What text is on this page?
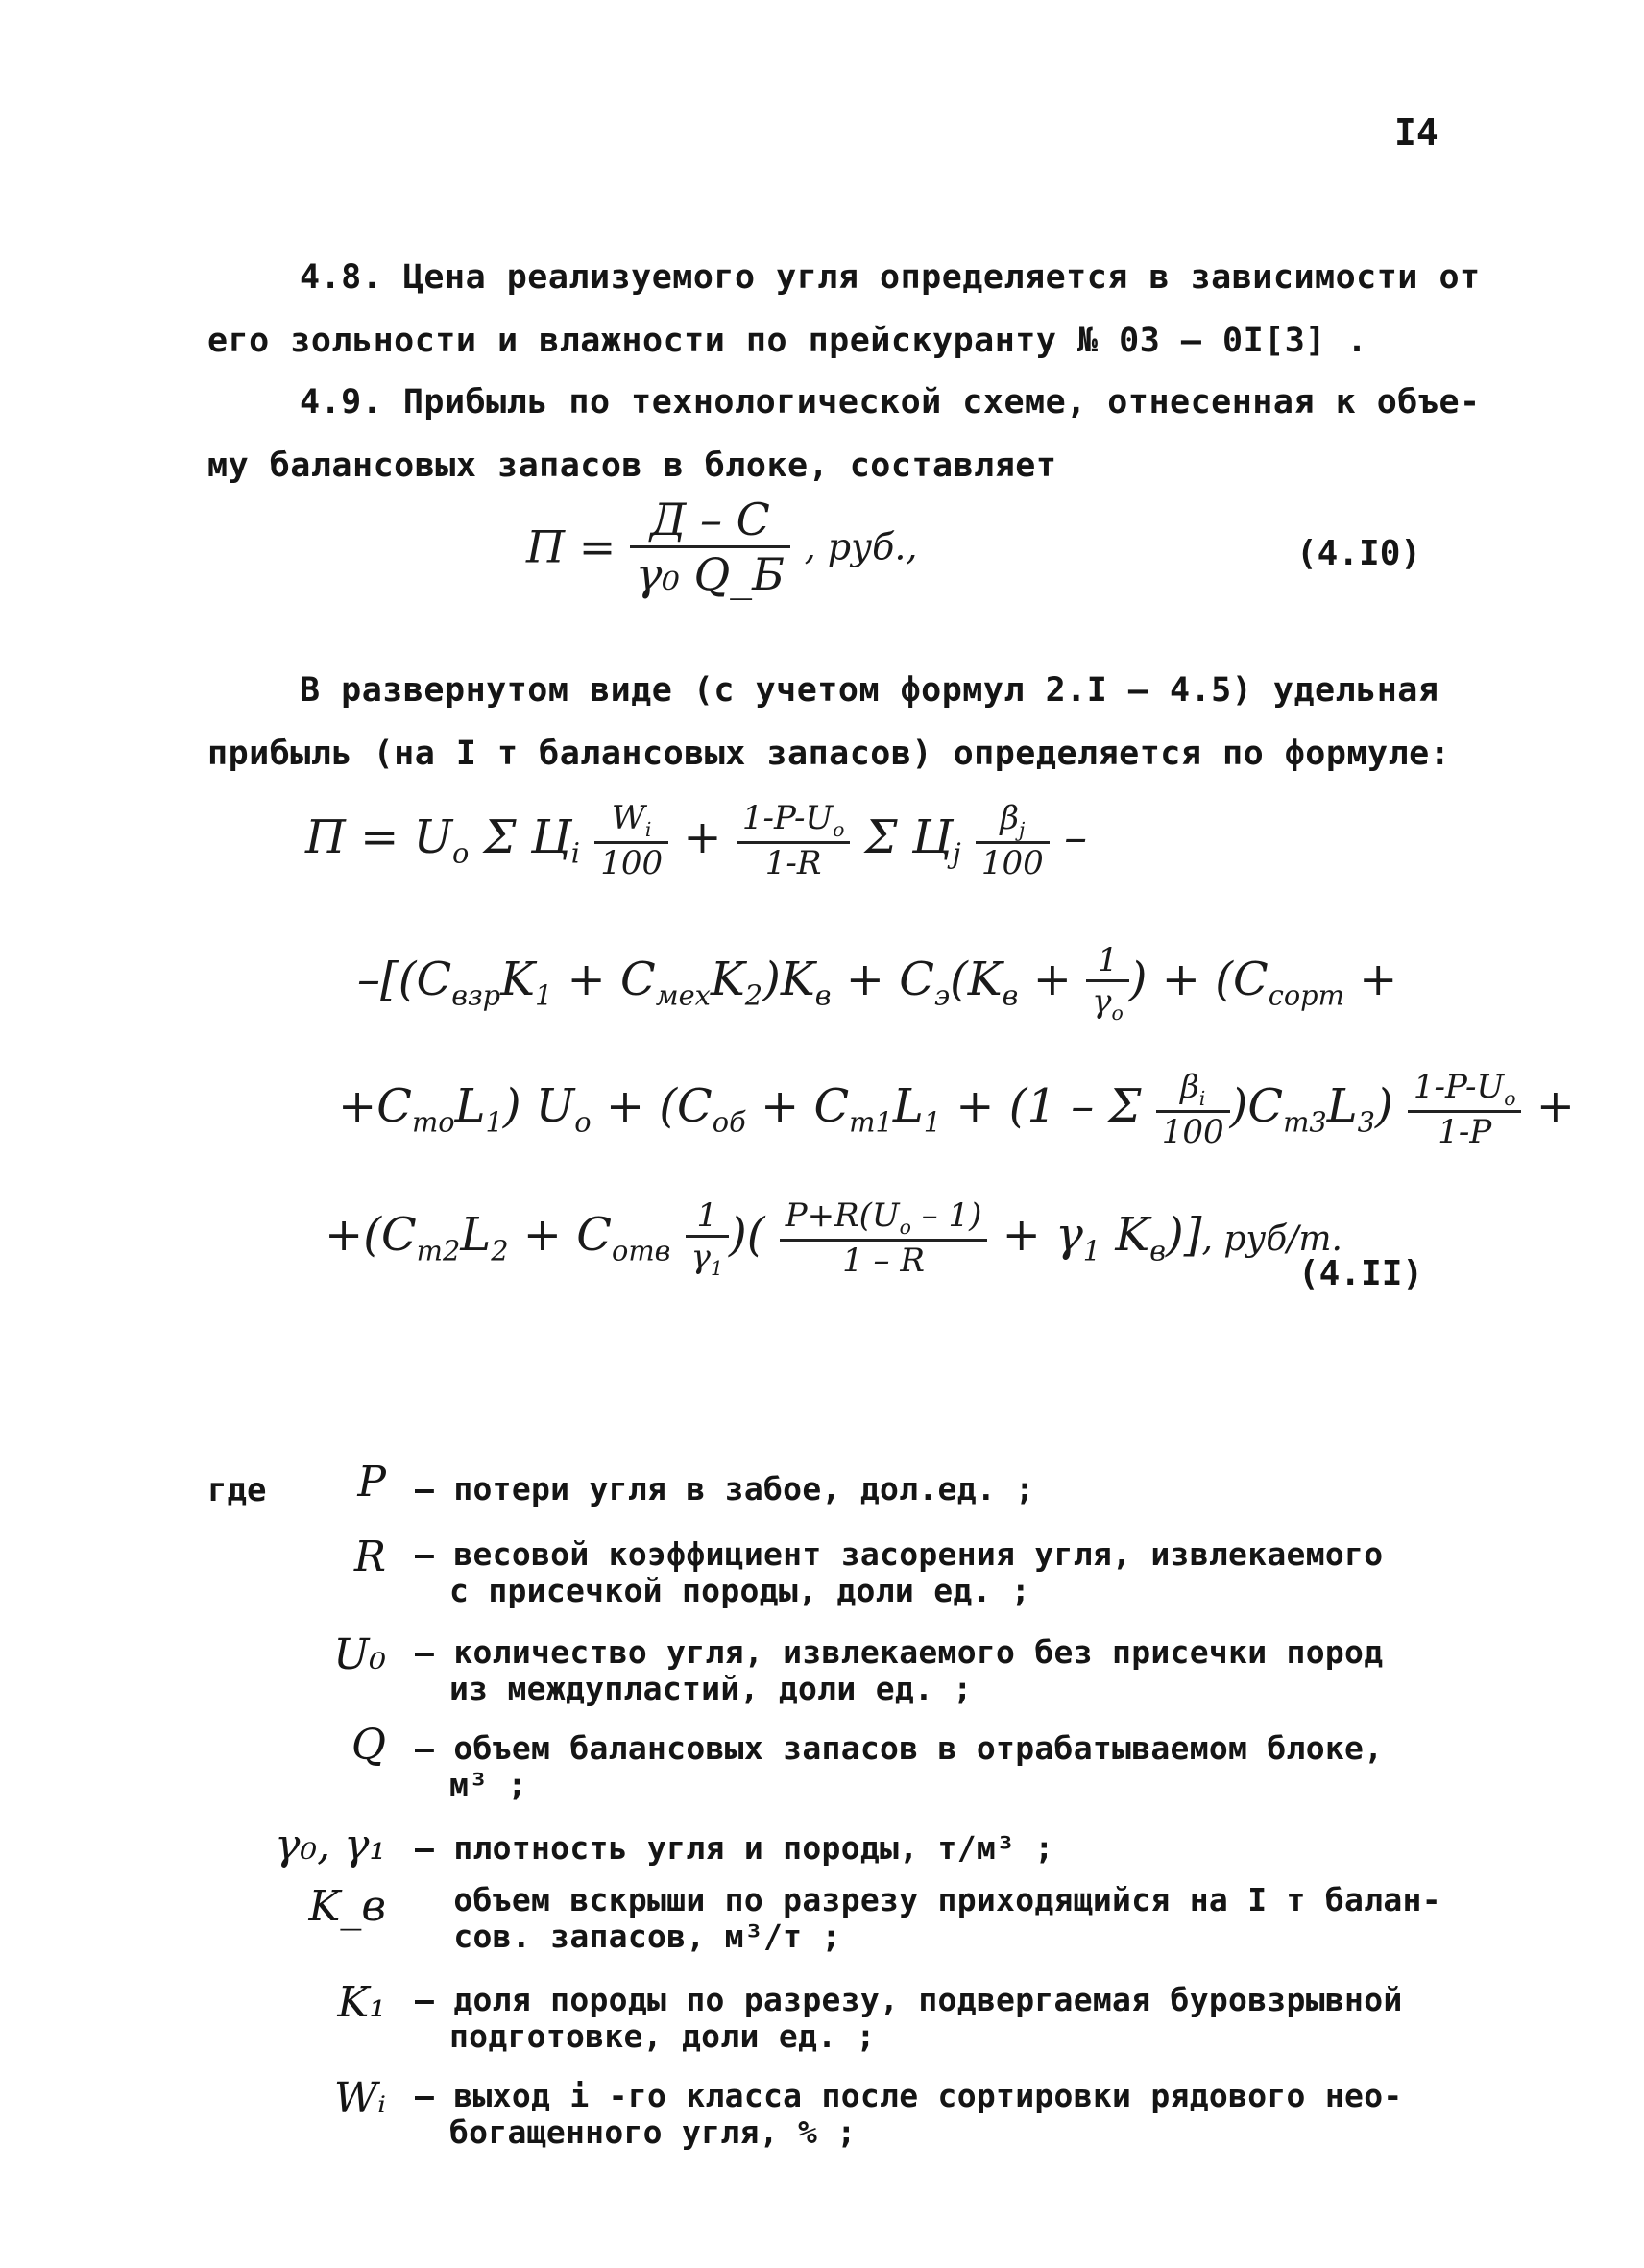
I4
4.8. Цена реализуемого угля определяется в зависимости от
его зольности и влажности по прейскуранту № 03 – 0I[3] .
4.9. Прибыль по технологической схеме, отнесенная к объе-
му балансовых запасов в блоке, составляет
$П = \frac{Д - С}{\text{γ₀ Q\_Б}}$ , руб.,	(4.I0)
В развернутом виде (с учетом формул 2.I – 4.5) удельная
прибыль (на I т балансовых запасов) определяется по формуле:
$П = U_o$ Σ $Ц_i \frac{W_i}{100} + \frac{1-P-U_o}{1-R}$ Σ $Ц_j \frac{\beta_j}{100}$ –
$-[(C_{взр}K_1 + C_{мех}K_2)K_в + C_э(K_в + \frac{1}{\gamma_o}$ ) + ($C_{сорт}$ +
$+C_{то}L_1$) $U_o + (C_{об} + C_{т1}L_1 + (1 - \Sigma \frac{\beta_i}{100} )C_{т3}L_3) \frac{1-P-U_o}{1-P}$ +
$+(C_{т2}L_2 + C_{отв} \frac{1}{\gamma_1}$ )( $\frac{P+R(U_o - 1)}{1 - R} + \gamma_1$ $K_в$)], руб/т.
(4.II)
где	P – потери угля в забое, дол.ед. ;
R – весовой коэффициент засорения угля, извлекаемого
с присечкой породы, доли ед. ;
U₀ – количество угля, извлекаемого без присечки пород
из междупластий, доли ед. ;
Q – объем балансовых запасов в отрабатываемом блоке,
м³ ;
γ₀, γ₁ – плотность угля и породы, т/м³ ;
K_в объем вскрыши по разрезу приходящийся на I т балан-
сов. запасов, м³/т ;
K₁ – доля породы по разрезу, подвергаемая буровзрывной
подготовке, доли ед. ;
Wᵢ – выход i -го класса после сортировки рядового нео-
богащенного угля, % ;
